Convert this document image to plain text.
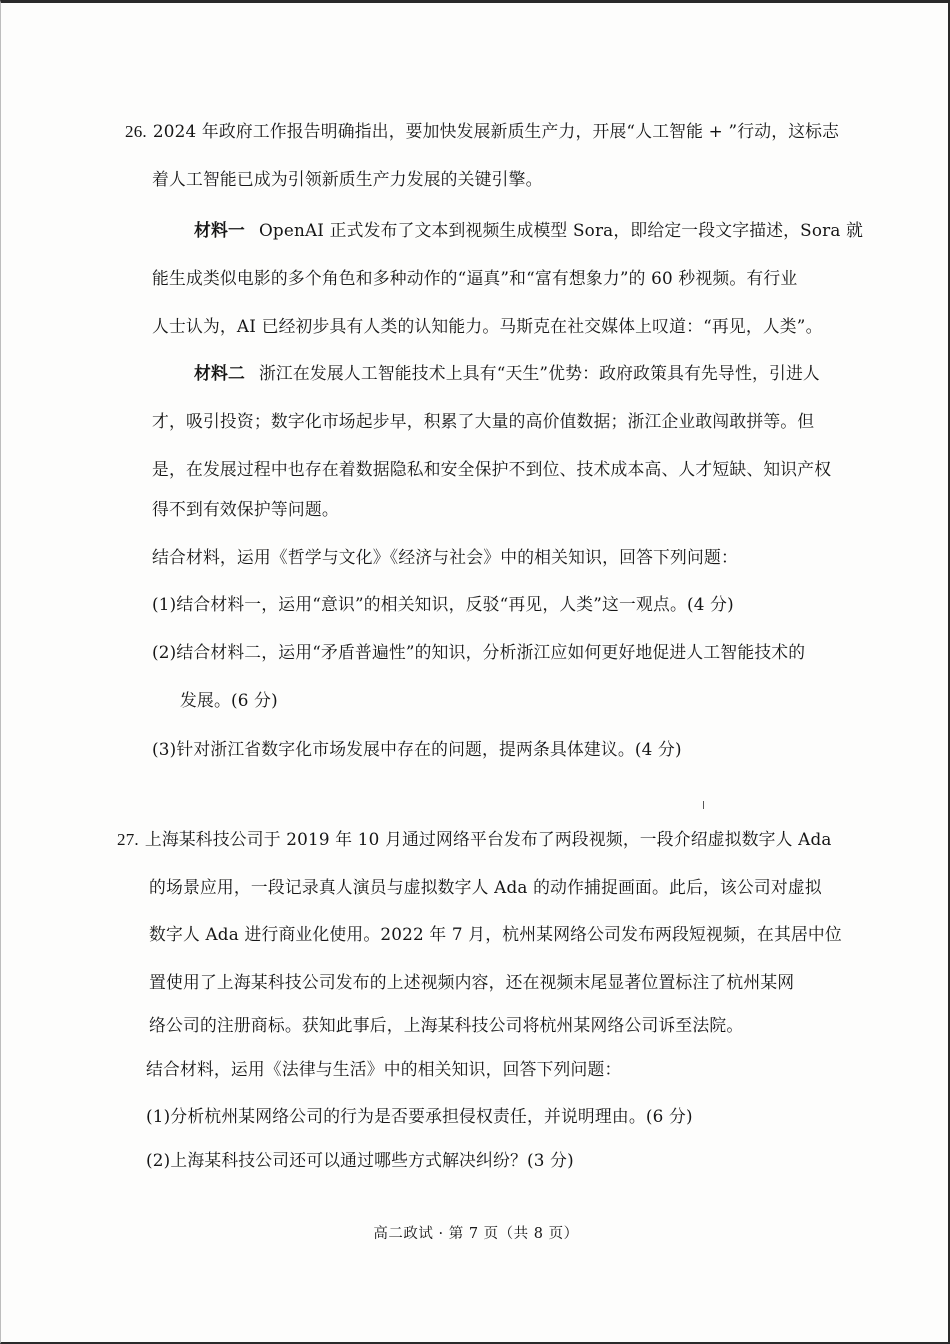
26. 2024 年政府工作报告明确指出，要加快发展新质生产力，开展“人工智能 + ”行动，这标志
着人工智能已成为引领新质生产力发展的关键引擎。
材料一 OpenAI 正式发布了文本到视频生成模型 Sora，即给定一段文字描述，Sora 就
能生成类似电影的多个角色和多种动作的“逼真”和“富有想象力”的 60 秒视频。有行业
人士认为，AI 已经初步具有人类的认知能力。马斯克在社交媒体上叹道：“再见，人类”。
材料二 浙江在发展人工智能技术上具有“天生”优势：政府政策具有先导性，引进人
才，吸引投资；数字化市场起步早，积累了大量的高价值数据；浙江企业敢闯敢拼等。但
是，在发展过程中也存在着数据隐私和安全保护不到位、技术成本高、人才短缺、知识产权
得不到有效保护等问题。
结合材料，运用《哲学与文化》《经济与社会》中的相关知识，回答下列问题：
(1)结合材料一，运用“意识”的相关知识，反驳“再见，人类”这一观点。(4 分)
(2)结合材料二，运用“矛盾普遍性”的知识，分析浙江应如何更好地促进人工智能技术的
发展。(6 分)
(3)针对浙江省数字化市场发展中存在的问题，提两条具体建议。(4 分)
27. 上海某科技公司于 2019 年 10 月通过网络平台发布了两段视频，一段介绍虚拟数字人 Ada
的场景应用，一段记录真人演员与虚拟数字人 Ada 的动作捕捉画面。此后，该公司对虚拟
数字人 Ada 进行商业化使用。2022 年 7 月，杭州某网络公司发布两段短视频，在其居中位
置使用了上海某科技公司发布的上述视频内容，还在视频末尾显著位置标注了杭州某网
络公司的注册商标。获知此事后，上海某科技公司将杭州某网络公司诉至法院。
结合材料，运用《法律与生活》中的相关知识，回答下列问题：
(1)分析杭州某网络公司的行为是否要承担侵权责任，并说明理由。(6 分)
(2)上海某科技公司还可以通过哪些方式解决纠纷？(3 分)
高二政试 · 第 7 页（共 8 页）
